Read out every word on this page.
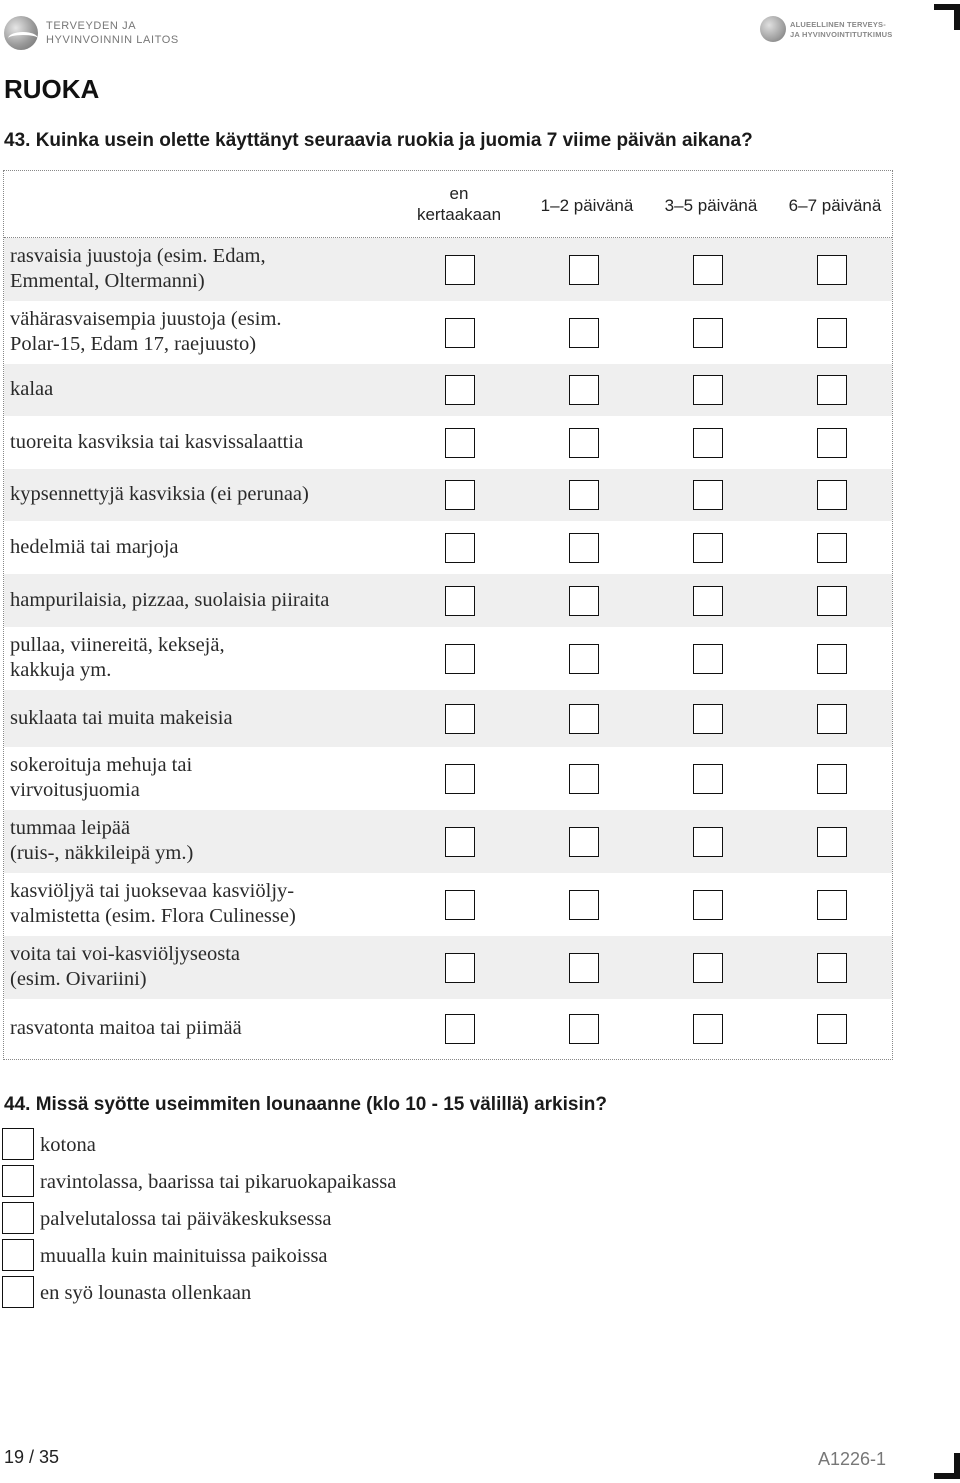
TERVEYDEN JA
HYVINVOINNIN LAITOS
ALUEELLINEN TERVEYS-
JA HYVINVOINTITUTKIMUS
RUOKA
43. Kuinka usein olette käyttänyt seuraavia ruokia ja juomia 7 viime päivän aikana?
en
kertaakaan	1–2 päivänä	3–5 päivänä	6–7 päivänä
rasvaisia juustoja (esim. Edam,
Emmental, Oltermanni)
vähärasvaisempia juustoja (esim.
Polar-15, Edam 17, raejuusto)
kalaa
tuoreita kasviksia tai kasvissalaattia
kypsennettyjä kasviksia (ei perunaa)
hedelmiä tai marjoja
hampurilaisia, pizzaa, suolaisia piiraita
pullaa, viinereitä, keksejä,
kakkuja ym.
suklaata tai muita makeisia
sokeroituja mehuja tai
virvoitusjuomia
tummaa leipää
(ruis-, näkkileipä ym.)
kasviöljyä tai juoksevaa kasviöljy-
valmistetta (esim. Flora Culinesse)
voita tai voi-kasviöljyseosta
(esim. Oivariini)
rasvatonta maitoa tai piimää
44. Missä syötte useimmiten lounaanne (klo 10 - 15 välillä) arkisin?
kotona
ravintolassa, baarissa tai pikaruokapaikassa
palvelutalossa tai päiväkeskuksessa
muualla kuin mainituissa paikoissa
en syö lounasta ollenkaan
19 / 35	A1226-1
